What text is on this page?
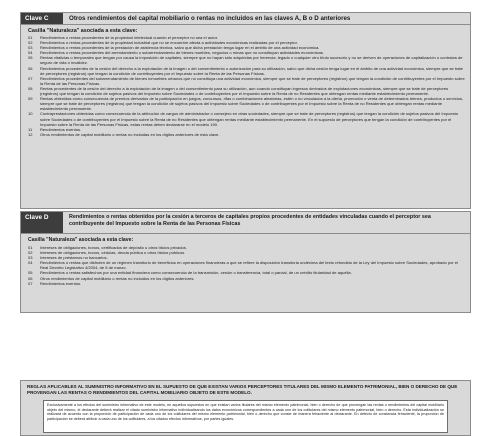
Clave C	Otros rendimientos del capital mobiliario o rentas no incluidos en las claves A, B o D anteriores
Casilla "Naturaleza" asociada a esta clave:
01	Rendimientos o rentas procedentes de la propiedad intelectual cuando el perceptor no sea el autor.
02	Rendimientos o rentas procedentes de la propiedad industrial que no se encuentre afecta a actividades económicas realizadas por el perceptor.
03	Rendimientos o rentas procedentes de la prestación de asistencia técnica, salvo que dicha prestación tenga lugar en el ámbito de una actividad económica.
04	Rendimientos o rentas procedentes del arrendamiento o subarrendamiento de bienes muebles, negocios o minas que no constituyan actividades económicas.
05	Rentas vitalicias o temporales que tengan por causa la imposición de capitales, siempre que no hayan sido adquiridas por herencia, legado o cualquier otro título sucesorio y no se deriven de operaciones de capitalización o contratos de seguro de vida o invalidez.
06	Rendimientos procedentes de la cesión del derecho a la explotación de la imagen o del consentimiento o autorización para su utilización, salvo que dicha cesión tenga lugar en el ámbito de una actividad económica, siempre que se trate de perceptores (registros) que tengan la condición de contribuyentes por el Impuesto sobre la Renta de las Personas Físicas.
07	Rendimientos procedentes del subarrendamiento de bienes inmuebles urbanos que no constituya una actividad económica, siempre que se trate de perceptores (registros) que tengan la condición de contribuyentes por el Impuesto sobre la Renta de las Personas Físicas.
08	Rentas procedentes de la cesión del derecho a la explotación de la imagen o del consentimiento para su utilización, aun cuando constituyan ingresos derivados de explotaciones económicas, siempre que se trate de perceptores (registros) que tengan la condición de sujetos pasivos del Impuesto sobre Sociedades o de contribuyentes por el Impuesto sobre la Renta de no Residentes que obtengan rentas mediante establecimiento permanente.
09	Rentas obtenidas como consecuencia de premios derivados de la participación en juegos, concursos, rifas o combinaciones aleatorias, estén o no vinculados a la oferta, promoción o venta de determinados bienes, productos o servicios, siempre que se trate de perceptores (registros) que tengan la condición de sujetos pasivos del Impuesto sobre Sociedades o de contribuyentes por el Impuesto sobre la Renta de no Residentes que obtengan rentas mediante establecimiento permanente.
10	Contraprestaciones obtenidas como consecuencia de la atribución de cargos de administrador o consejero en otras sociedades, siempre que se trate de perceptores (registros) que tengan la condición de sujetos pasivos del Impuesto sobre Sociedades o de contribuyentes por el Impuesto sobre la Renta de no Residentes que obtengan rentas mediante establecimiento permanente. En el supuesto de perceptores que tengan la condición de contribuyentes por el Impuesto sobre la Renta de las Personas Físicas, estas rentas deben declararse en el modelo 190.
11	Rendimientos exentos.
12	Otros rendimientos de capital mobiliario o rentas no incluidas en los dígitos anteriores de esta clave.
Clave D	Rendimientos o rentas obtenidos por la cesión a terceros de capitales propios procedentes de entidades vinculadas cuando el perceptor sea contribuyente del Impuesto sobre la Renta de las Personas Físicas
Casilla "Naturaleza" asociada a esta clave:
01	Intereses de obligaciones, bonos, certificados de depósito u otros títulos privados.
02	Intereses de obligaciones, bonos, cédulas, deuda pública u otros títulos públicos.
03	Intereses de préstamos no bancarios.
04	Rendimientos o rentas que disfruten de un régimen transitorio de beneficios en operaciones financieras a que se refiere la disposición transitoria undécima del texto refundido de la Ley del Impuesto sobre Sociedades, aprobado por el Real Decreto Legislativo 4/2004, de 5 de marzo.
05	Rendimientos o rentas satisfechos por una entidad financiera como consecuencia de la transmisión, cesión o transferencia, total o parcial, de un crédito titularidad de aquélla.
06	Otros rendimientos de capital mobiliario o rentas no incluidos en los dígitos anteriores.
07	Rendimientos exentos.
REGLAS APLICABLES AL SUMINISTRO INFORMATIVO EN EL SUPUESTO DE QUE EXISTAN VARIOS PERCEPTORES TITULARES DEL MISMO ELEMENTO PATRIMONIAL, BIEN O DERECHO DE QUE PROVENGAN LAS RENTAS O RENDIMIENTOS DEL CAPITAL MOBILIARIO OBJETO DE ESTE MODELO.
Exclusivamente a los efectos del suministro informativo de este modelo, en aquellos supuestos en que existan varios titulares del mismo elemento patrimonial, bien o derecho de que provengan las rentas o rendimientos del capital mobiliario objeto del mismo, el declarante deberá realizar el citado suministro informativo individualizando los datos económicos correspondientes a cada uno de los cotitulares del mismo elemento patrimonial, bien o derecho. Esta individualización se realizará de acuerdo con la proporción de participación de cada uno de los cotitulares del mismo elemento patrimonial, bien o derecho que conste de manera fehaciente al declarante. En defecto de constancia fehaciente, la proporción de participación se deberá atribuir a cada uno de los cotitulares, a los citados efectos informativos, por partes iguales.
